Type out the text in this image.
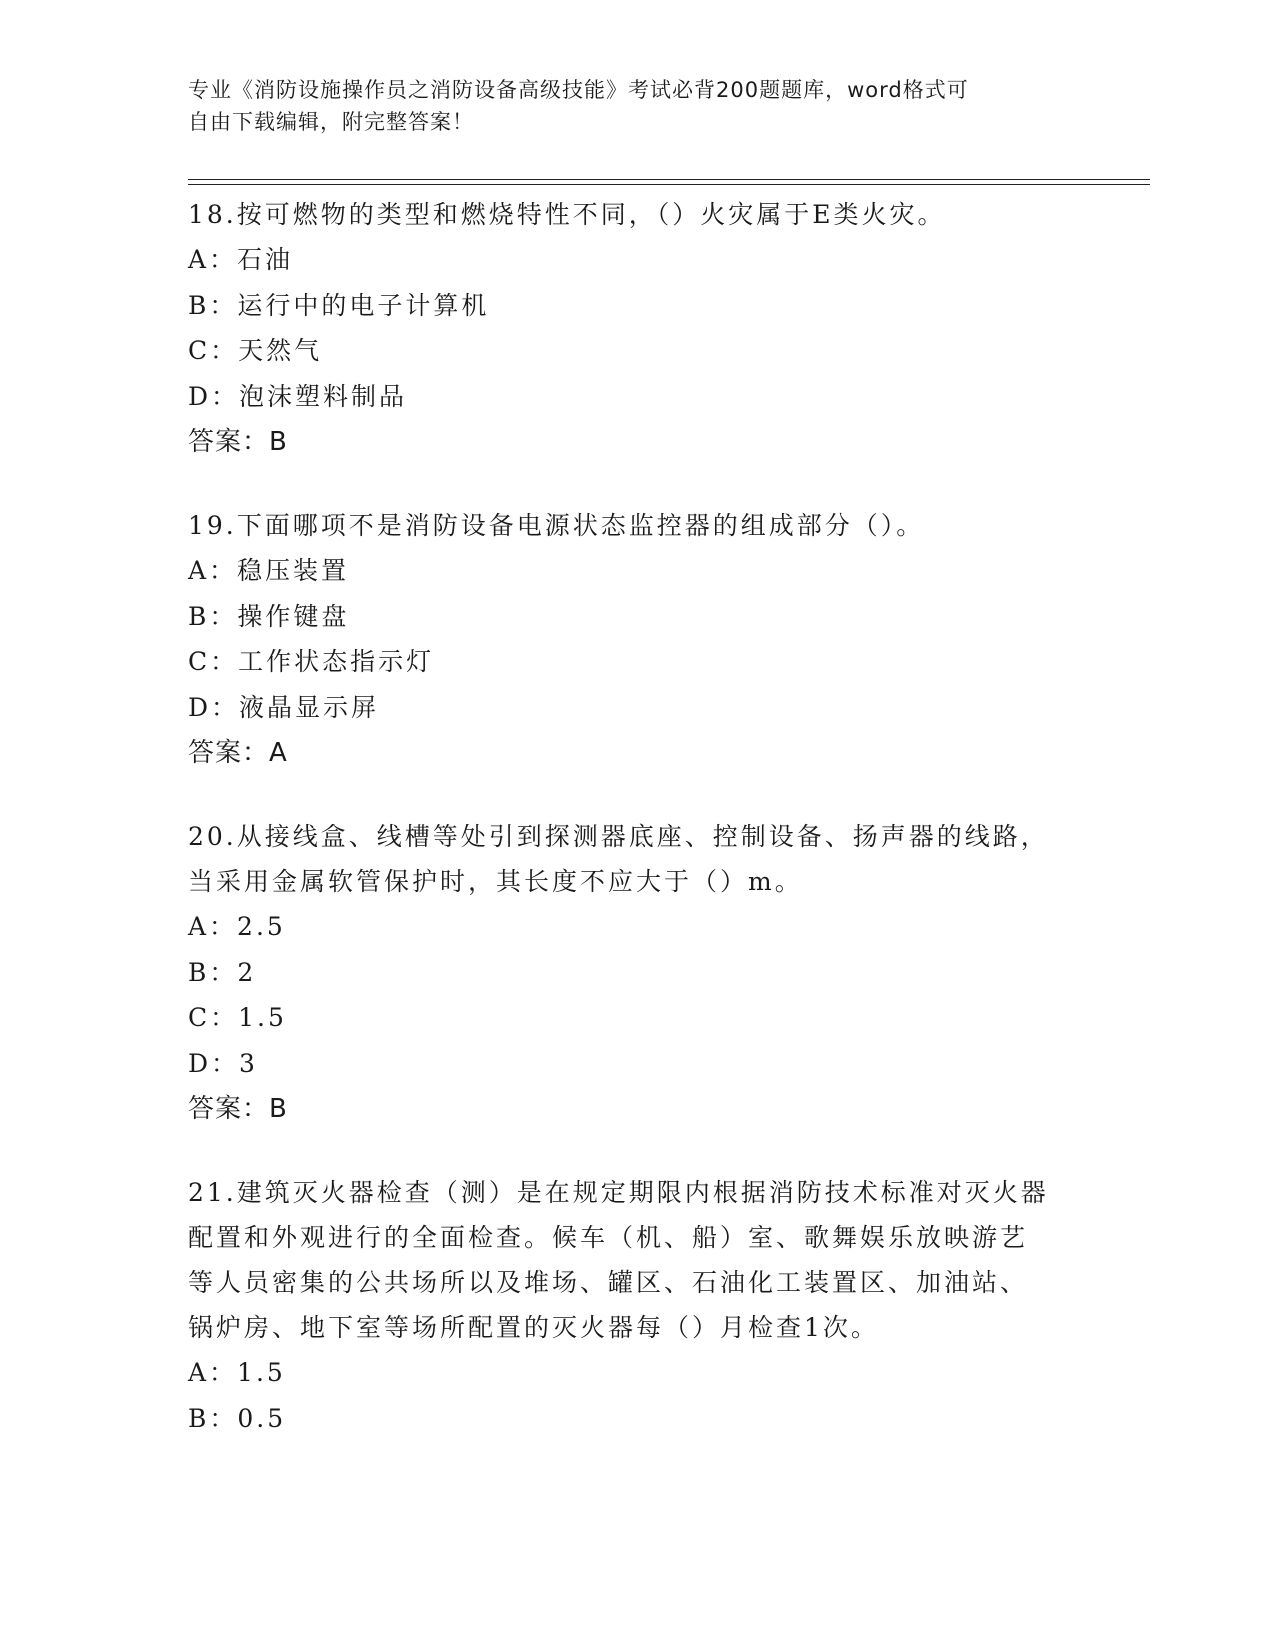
专业《消防设施操作员之消防设备高级技能》考试必背200题题库，word格式可
自由下载编辑，附完整答案！

18.按可燃物的类型和燃烧特性不同，（）火灾属于E类火灾。

A：石油

B：运行中的电子计算机

C：天然气

D：泡沫塑料制品

答案：B

19.下面哪项不是消防设备电源状态监控器的组成部分（）。

A：稳压装置

B：操作键盘

C：工作状态指示灯

D：液晶显示屏

答案：A

20.从接线盒、线槽等处引到探测器底座、控制设备、扬声器的线路，

当采用金属软管保护时，其长度不应大于（）m。

A：2.5

B：2

C：1.5

D：3

答案：B

21.建筑灭火器检查（测）是在规定期限内根据消防技术标准对灭火器

配置和外观进行的全面检查。候车（机、船）室、歌舞娱乐放映游艺

等人员密集的公共场所以及堆场、罐区、石油化工装置区、加油站、

锅炉房、地下室等场所配置的灭火器每（）月检查1次。

A：1.5

B：0.5
